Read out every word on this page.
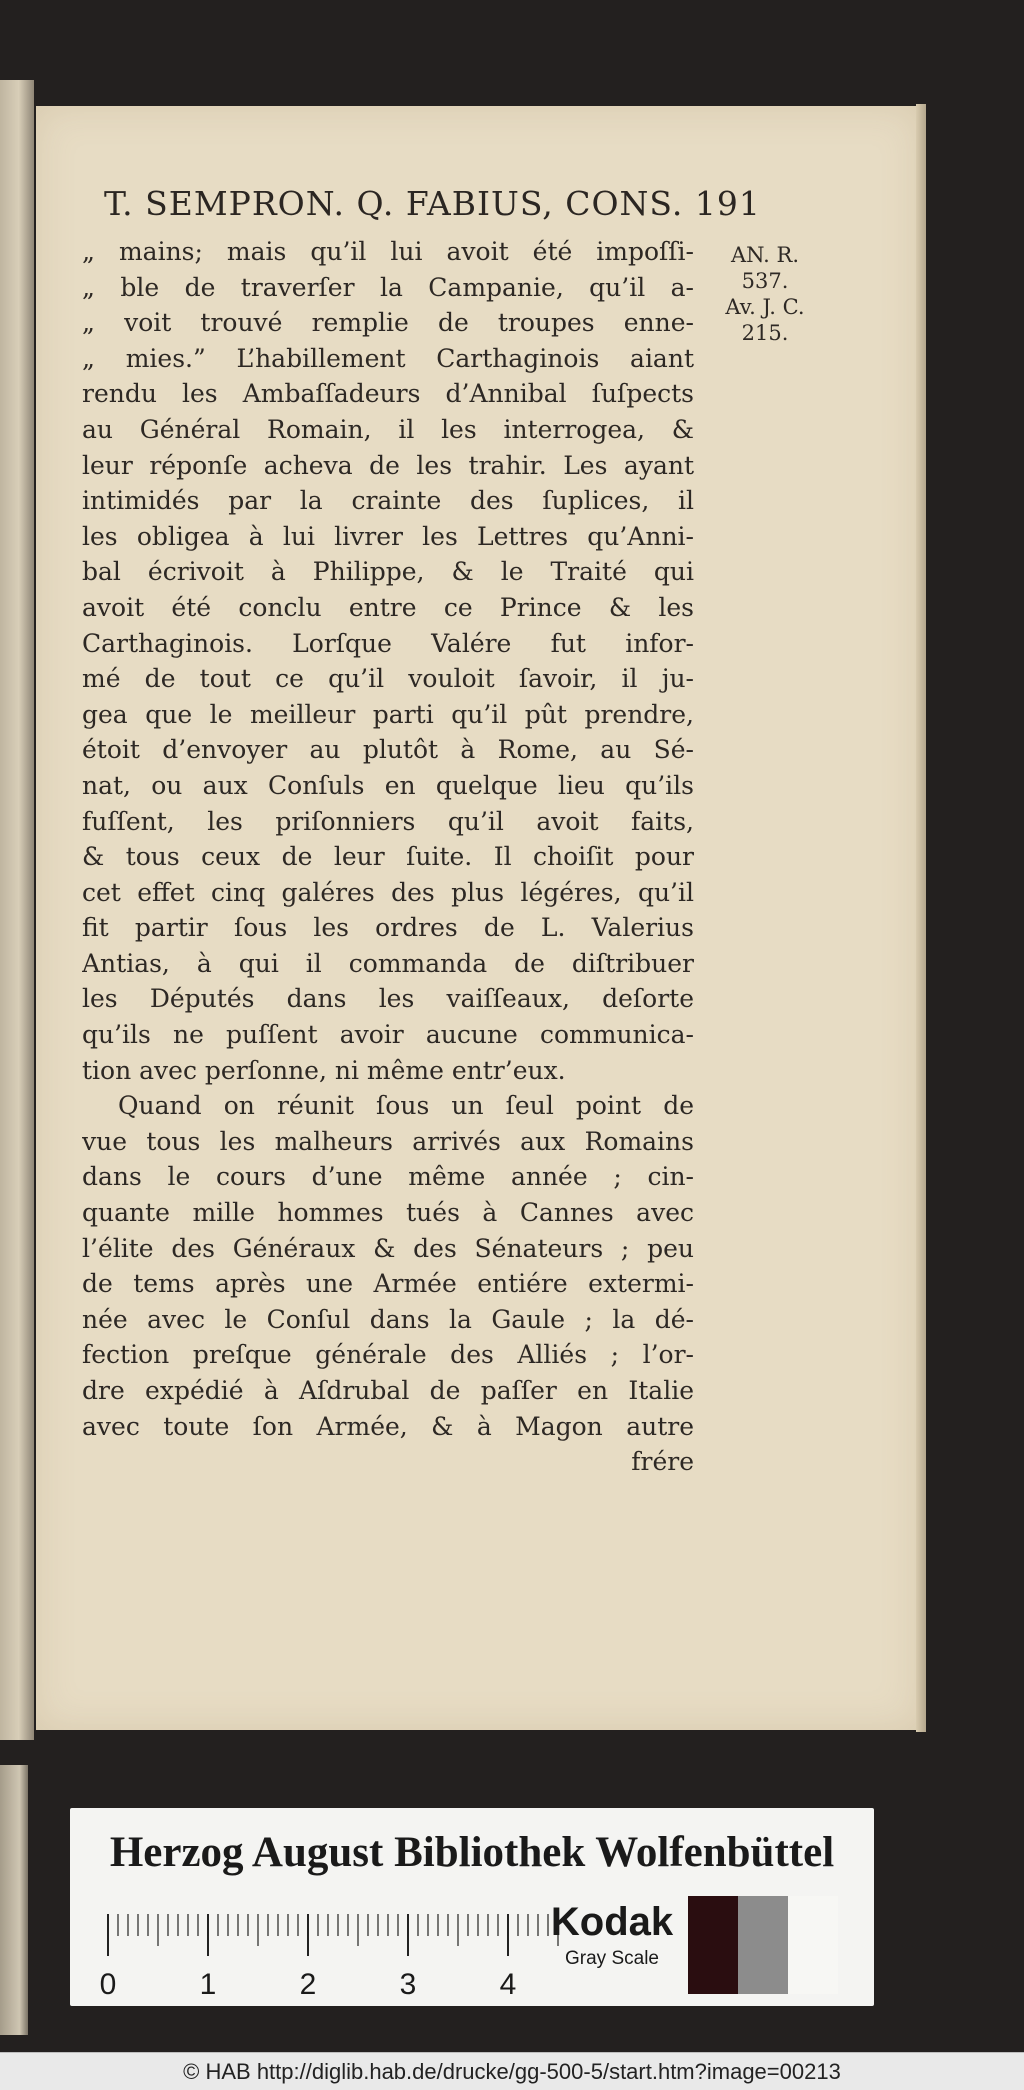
T. SEMPRON. Q. FABIUS, CONS. 191
AN. R.
537.
Av. J. C.
215.
„ mains; mais qu’il lui avoit été impoſſi-
„ ble de traverſer la Campanie, qu’il a-
„ voit trouvé remplie de troupes enne-
„ mies.” L’habillement Carthaginois aiant
rendu les Ambaſſadeurs d’Annibal ſuſpects
au Général Romain, il les interrogea, &
leur réponſe acheva de les trahir. Les ayant
intimidés par la crainte des ſuplices, il
les obligea à lui livrer les Lettres qu’Anni-
bal écrivoit à Philippe, & le Traité qui
avoit été conclu entre ce Prince & les
Carthaginois. Lorſque Valére fut infor-
mé de tout ce qu’il vouloit ſavoir, il ju-
gea que le meilleur parti qu’il pût prendre,
étoit d’envoyer au plutôt à Rome, au Sé-
nat, ou aux Conſuls en quelque lieu qu’ils
fuſſent, les priſonniers qu’il avoit faits,
& tous ceux de leur ſuite. Il choiſit pour
cet effet cinq galéres des plus légéres, qu’il
fit partir ſous les ordres de L. Valerius
Antias, à qui il commanda de diſtribuer
les Députés dans les vaiſſeaux, deſorte
qu’ils ne puſſent avoir aucune communica-
tion avec perſonne, ni même entr’eux.
Quand on réunit ſous un ſeul point de
vue tous les malheurs arrivés aux Romains
dans le cours d’une même année ; cin-
quante mille hommes tués à Cannes avec
l’élite des Généraux & des Sénateurs ; peu
de tems après une Armée entiére extermi-
née avec le Conſul dans la Gaule ; la dé-
fection preſque générale des Alliés ; l’or-
dre expédié à Aſdrubal de paſſer en Italie
avec toute ſon Armée, & à Magon autre
frére
Herzog August Bibliothek Wolfenbüttel
0	1	2	3	4
Kodak
Gray Scale
© HAB http://diglib.hab.de/drucke/gg-500-5/start.htm?image=00213
